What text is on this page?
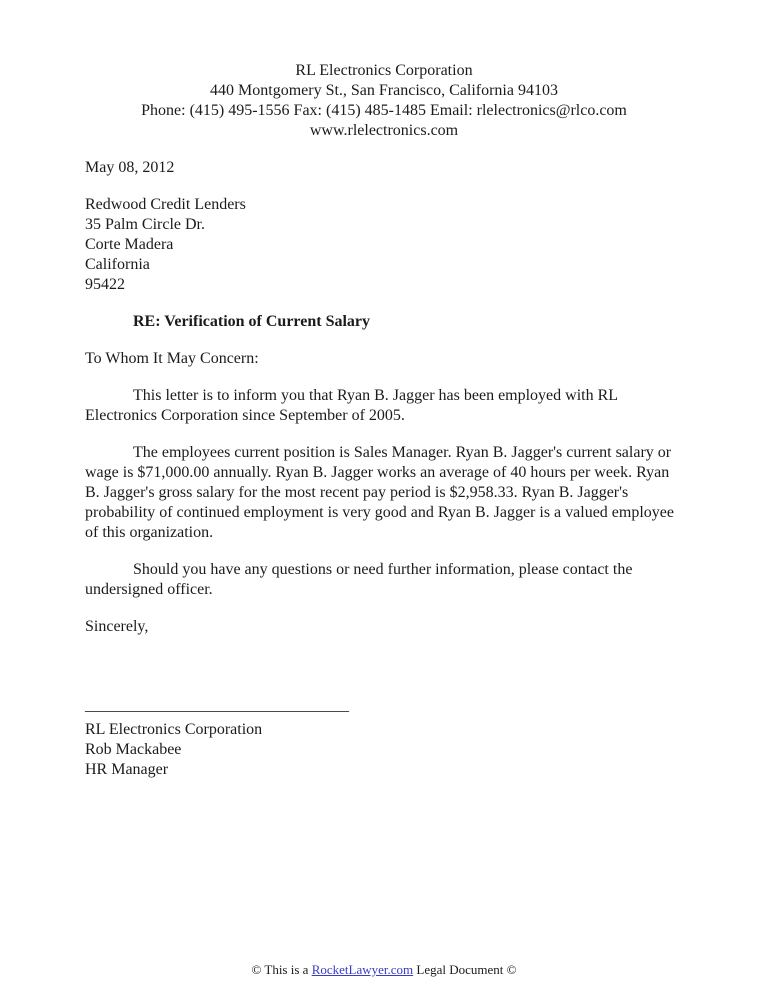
RL Electronics Corporation
440 Montgomery St., San Francisco, California 94103
Phone: (415) 495-1556 Fax: (415) 485-1485 Email: rlelectronics@rlco.com
www.rlelectronics.com
May 08, 2012
Redwood Credit Lenders
35 Palm Circle Dr.
Corte Madera
California
95422
RE: Verification of Current Salary
To Whom It May Concern:
This letter is to inform you that Ryan B. Jagger has been employed with RL Electronics Corporation since September of 2005.
The employees current position is Sales Manager. Ryan B. Jagger's current salary or wage is $71,000.00 annually. Ryan B. Jagger works an average of 40 hours per week. Ryan B. Jagger's gross salary for the most recent pay period is $2,958.33. Ryan B. Jagger's probability of continued employment is very good and Ryan B. Jagger is a valued employee of this organization.
Should you have any questions or need further information, please contact the undersigned officer.
Sincerely,
_________________________________
RL Electronics Corporation
Rob Mackabee
HR Manager
© This is a RocketLawyer.com Legal Document ©
